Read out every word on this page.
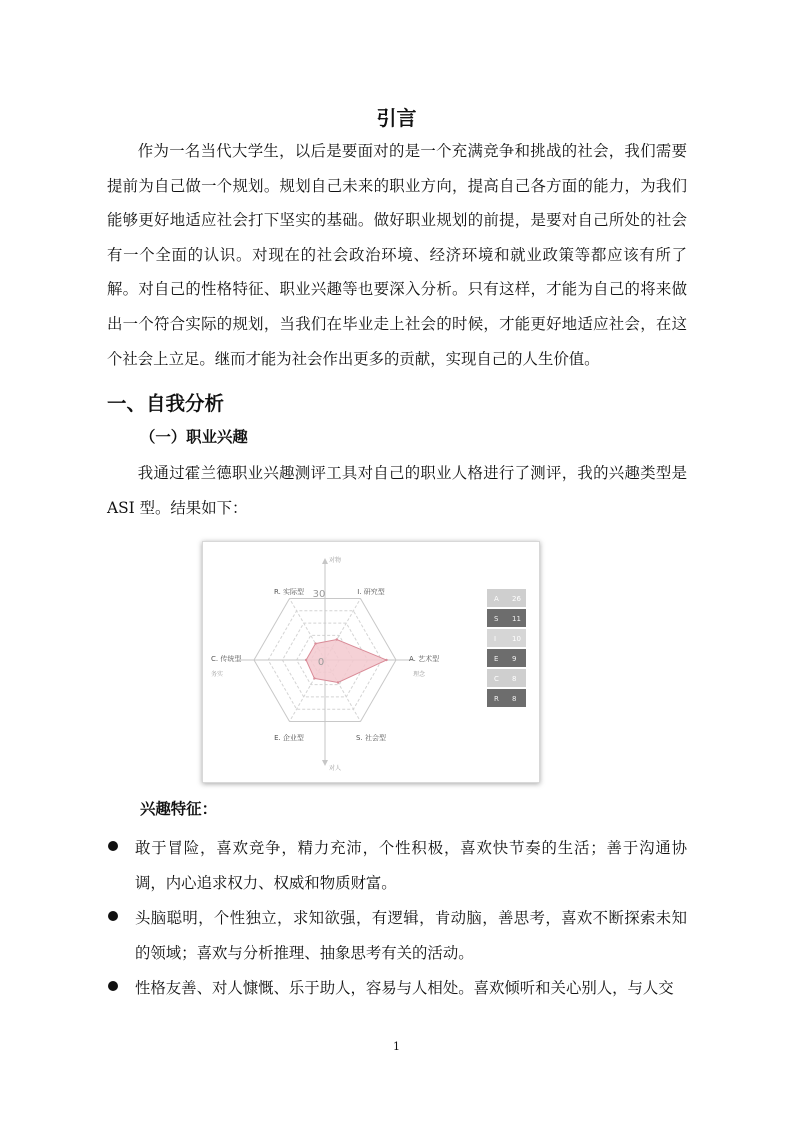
引言

作为一名当代大学生，以后是要面对的是一个充满竞争和挑战的社会，我们需要提前为自己做一个规划。规划自己未来的职业方向，提高自己各方面的能力，为我们能够更好地适应社会打下坚实的基础。做好职业规划的前提，是要对自己所处的社会有一个全面的认识。对现在的社会政治环境、经济环境和就业政策等都应该有所了解。对自己的性格特征、职业兴趣等也要深入分析。只有这样，才能为自己的将来做出一个符合实际的规划，当我们在毕业走上社会的时候，才能更好地适应社会，在这个社会上立足。继而才能为社会作出更多的贡献，实现自己的人生价值。

一、自我分析
（一）职业兴趣

我通过霍兰德职业兴趣测评工具对自己的职业人格进行了测评，我的兴趣类型是 ASI 型。结果如下：

A. 艺术型
S. 社会型
E. 企业型
C. 传统型
R. 实际型	I. 研究型
对物
对人
务实	理念
30
0
A 26
S 11
I 10
E 9
C 8
R 8
兴趣特征：
敢于冒险，喜欢竞争，精力充沛，个性积极，喜欢快节奏的生活；善于沟通协调，内心追求权力、权威和物质财富。
头脑聪明，个性独立，求知欲强，有逻辑，肯动脑，善思考，喜欢不断探索未知的领域；喜欢与分析推理、抽象思考有关的活动。
性格友善、对人慷慨、乐于助人，容易与人相处。喜欢倾听和关心别人，与人交
1
